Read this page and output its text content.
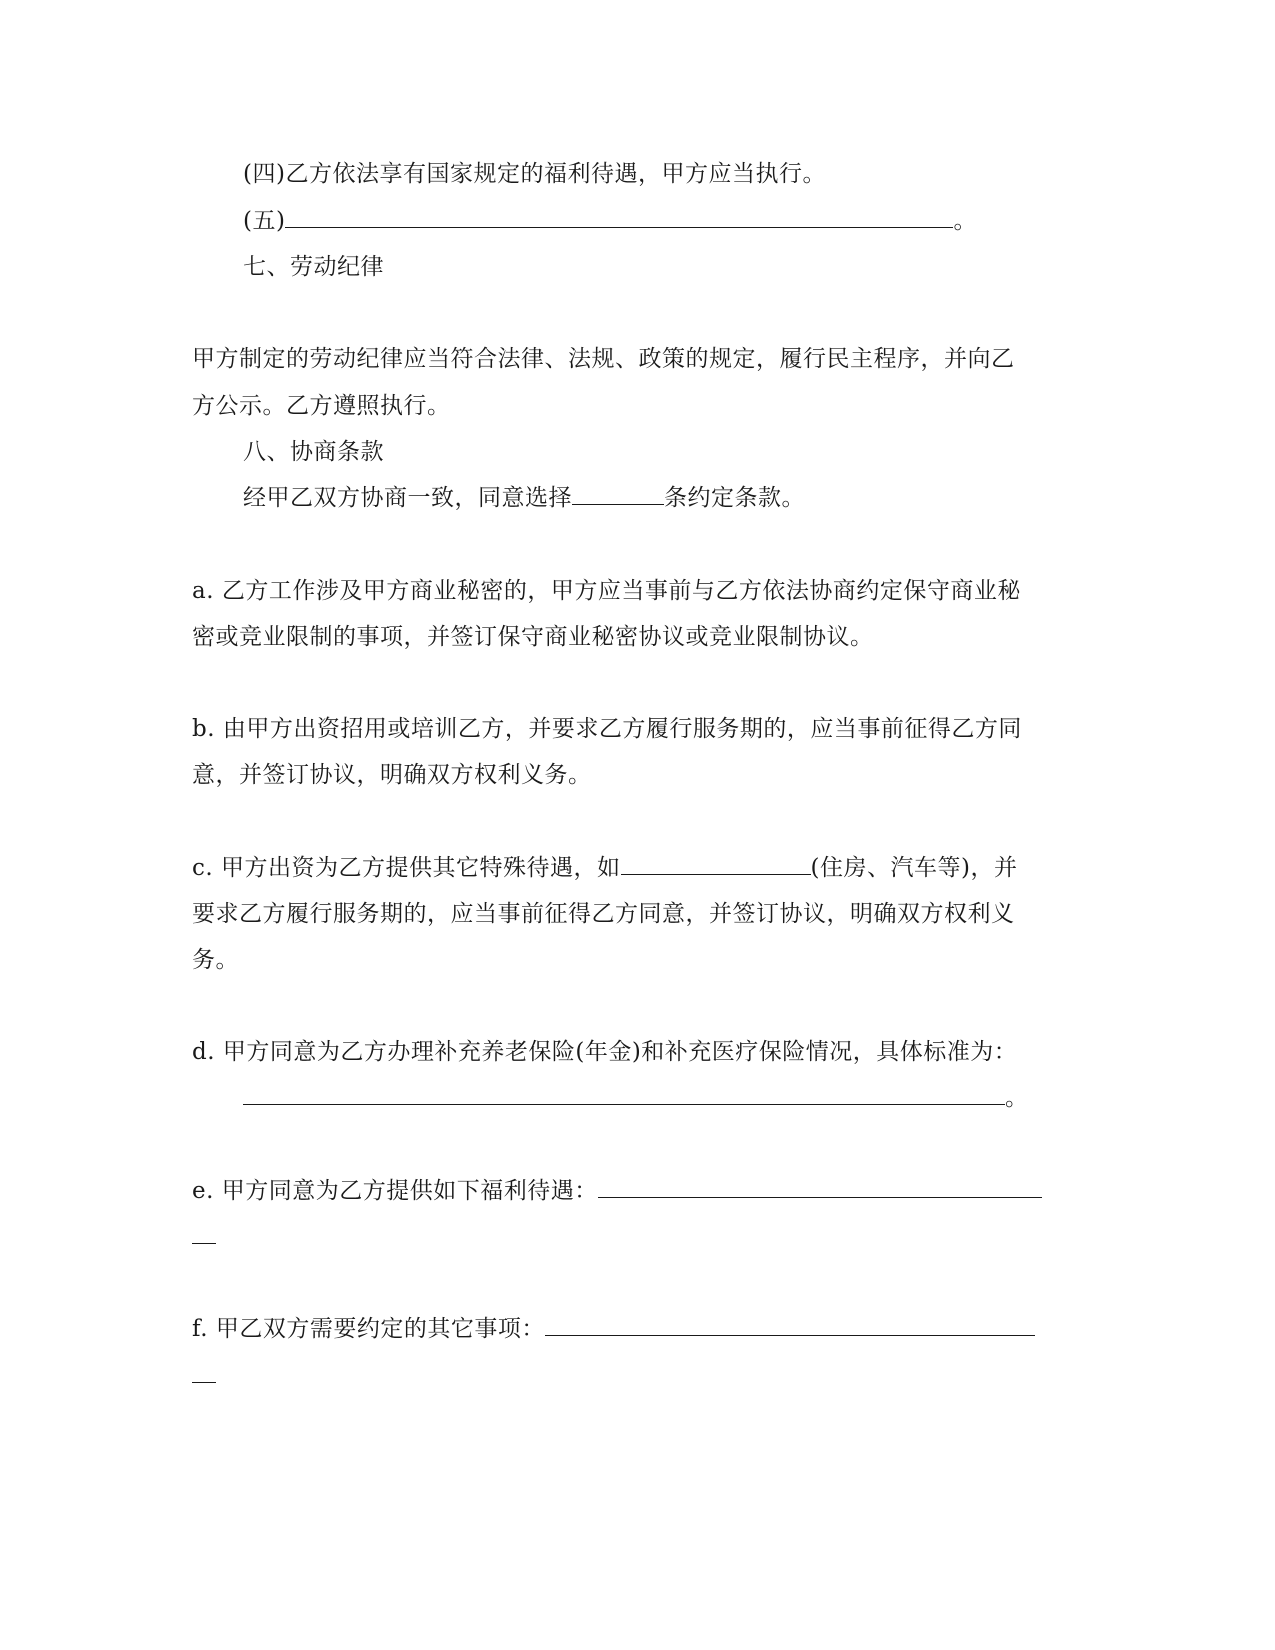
(四)乙方依法享有国家规定的福利待遇，甲方应当执行。
(五)	。
七、劳动纪律
甲方制定的劳动纪律应当符合法律、法规、政策的规定，履行民主程序，并向乙
方公示。乙方遵照执行。
八、协商条款
经甲乙双方协商一致，同意选择	条约定条款。
a. 乙方工作涉及甲方商业秘密的，甲方应当事前与乙方依法协商约定保守商业秘
密或竞业限制的事项，并签订保守商业秘密协议或竞业限制协议。
b. 由甲方出资招用或培训乙方，并要求乙方履行服务期的，应当事前征得乙方同
意，并签订协议，明确双方权利义务。
c. 甲方出资为乙方提供其它特殊待遇，如	(住房、汽车等)，并
要求乙方履行服务期的，应当事前征得乙方同意，并签订协议，明确双方权利义
务。
d. 甲方同意为乙方办理补充养老保险(年金)和补充医疗保险情况，具体标准为：
。
e. 甲方同意为乙方提供如下福利待遇：
f. 甲乙双方需要约定的其它事项：
